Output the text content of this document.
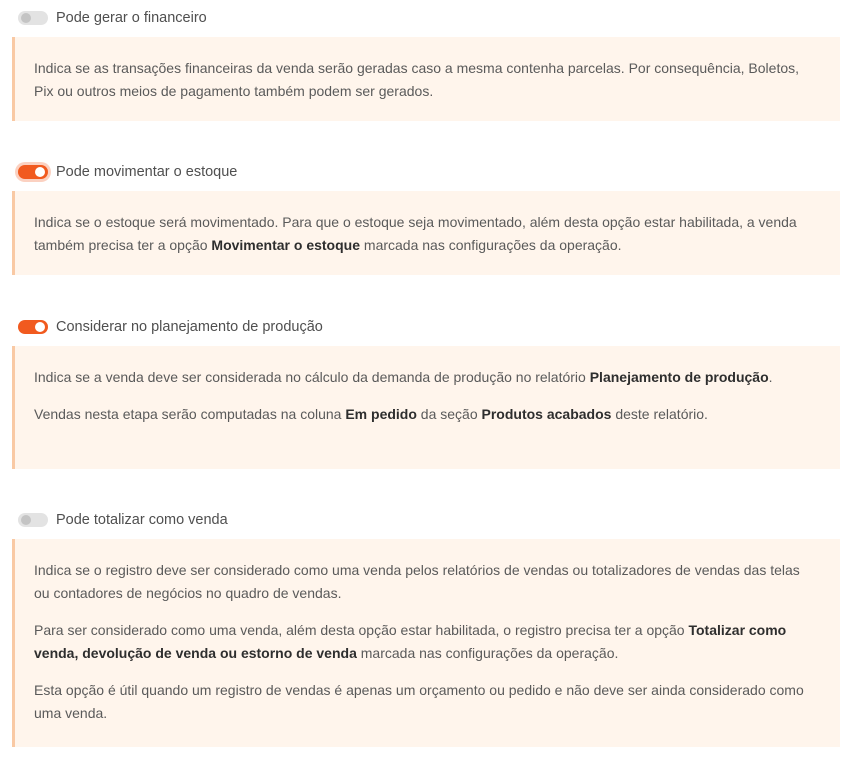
Pode gerar o financeiro

Indica se as transações financeiras da venda serão geradas caso a mesma contenha parcelas. Por consequência, Boletos, Pix ou outros meios de pagamento também podem ser gerados.

Pode movimentar o estoque

Indica se o estoque será movimentado. Para que o estoque seja movimentado, além desta opção estar habilitada, a venda também precisa ter a opção Movimentar o estoque marcada nas configurações da operação.

Considerar no planejamento de produção

Indica se a venda deve ser considerada no cálculo da demanda de produção no relatório Planejamento de produção.

Vendas nesta etapa serão computadas na coluna Em pedido da seção Produtos acabados deste relatório.

Pode totalizar como venda

Indica se o registro deve ser considerado como uma venda pelos relatórios de vendas ou totalizadores de vendas das telas ou contadores de negócios no quadro de vendas.

Para ser considerado como uma venda, além desta opção estar habilitada, o registro precisa ter a opção Totalizar como venda, devolução de venda ou estorno de venda marcada nas configurações da operação.

Esta opção é útil quando um registro de vendas é apenas um orçamento ou pedido e não deve ser ainda considerado como uma venda.
